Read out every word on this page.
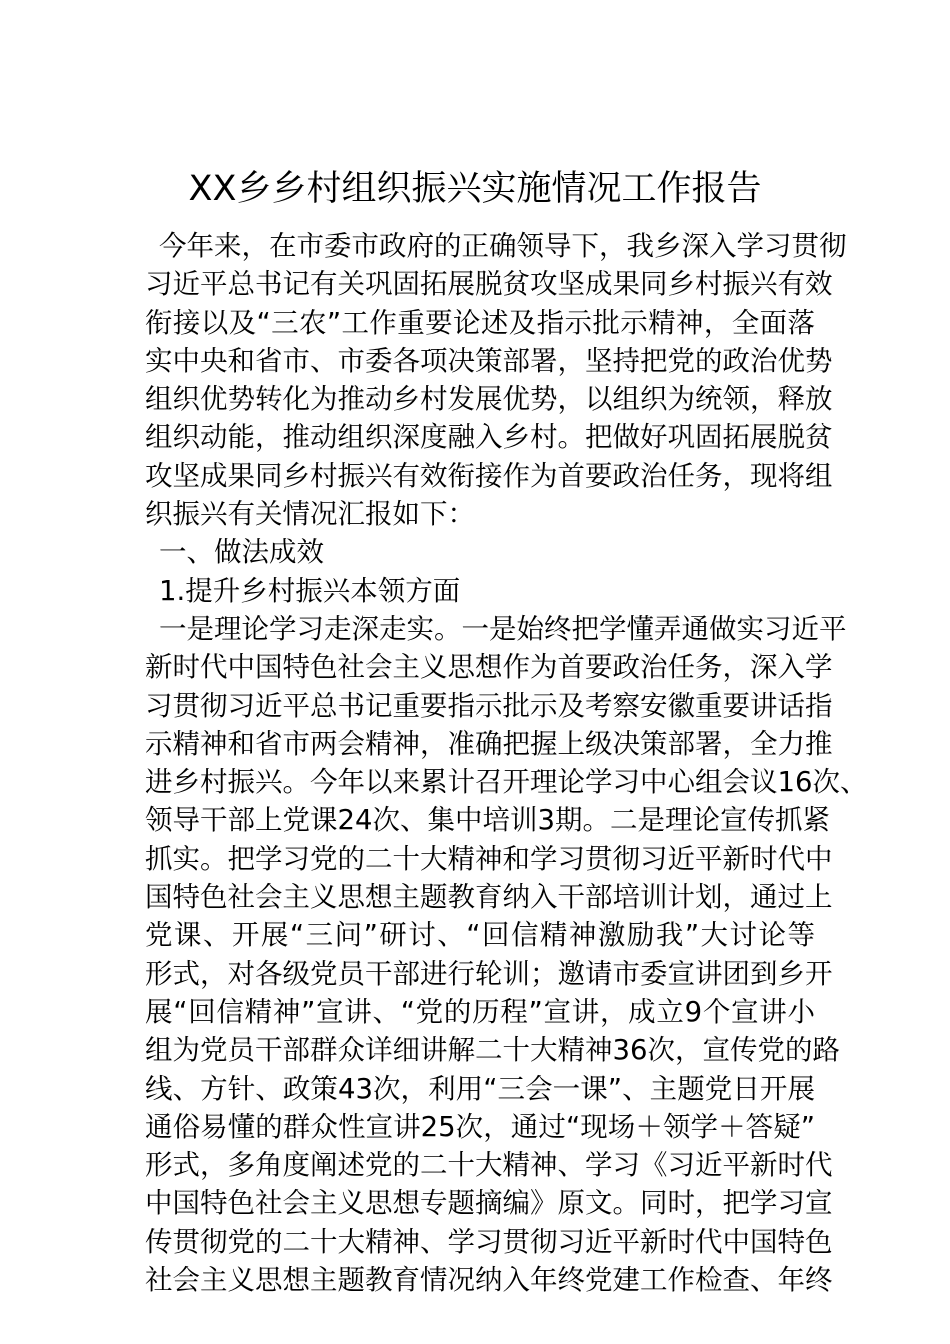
XX乡乡村组织振兴实施情况工作报告
今年来，在市委市政府的正确领导下，我乡深入学习贯彻
习近平总书记有关巩固拓展脱贫攻坚成果同乡村振兴有效
衔接以及“三农”工作重要论述及指示批示精神，全面落
实中央和省市、市委各项决策部署，坚持把党的政治优势
组织优势转化为推动乡村发展优势，以组织为统领，释放
组织动能，推动组织深度融入乡村。把做好巩固拓展脱贫
攻坚成果同乡村振兴有效衔接作为首要政治任务，现将组
织振兴有关情况汇报如下：
一、做法成效
1.提升乡村振兴本领方面
一是理论学习走深走实。一是始终把学懂弄通做实习近平
新时代中国特色社会主义思想作为首要政治任务，深入学
习贯彻习近平总书记重要指示批示及考察安徽重要讲话指
示精神和省市两会精神，准确把握上级决策部署，全力推
进乡村振兴。今年以来累计召开理论学习中心组会议16次、
领导干部上党课24次、集中培训3期。二是理论宣传抓紧
抓实。把学习党的二十大精神和学习贯彻习近平新时代中
国特色社会主义思想主题教育纳入干部培训计划，通过上
党课、开展“三问”研讨、“回信精神激励我”大讨论等
形式，对各级党员干部进行轮训；邀请市委宣讲团到乡开
展“回信精神”宣讲、“党的历程”宣讲，成立9个宣讲小
组为党员干部群众详细讲解二十大精神36次，宣传党的路
线、方针、政策43次，利用“三会一课”、主题党日开展
通俗易懂的群众性宣讲25次，通过“现场＋领学＋答疑”
形式，多角度阐述党的二十大精神、学习《习近平新时代
中国特色社会主义思想专题摘编》原文。同时，把学习宣
传贯彻党的二十大精神、学习贯彻习近平新时代中国特色
社会主义思想主题教育情况纳入年终党建工作检查、年终
